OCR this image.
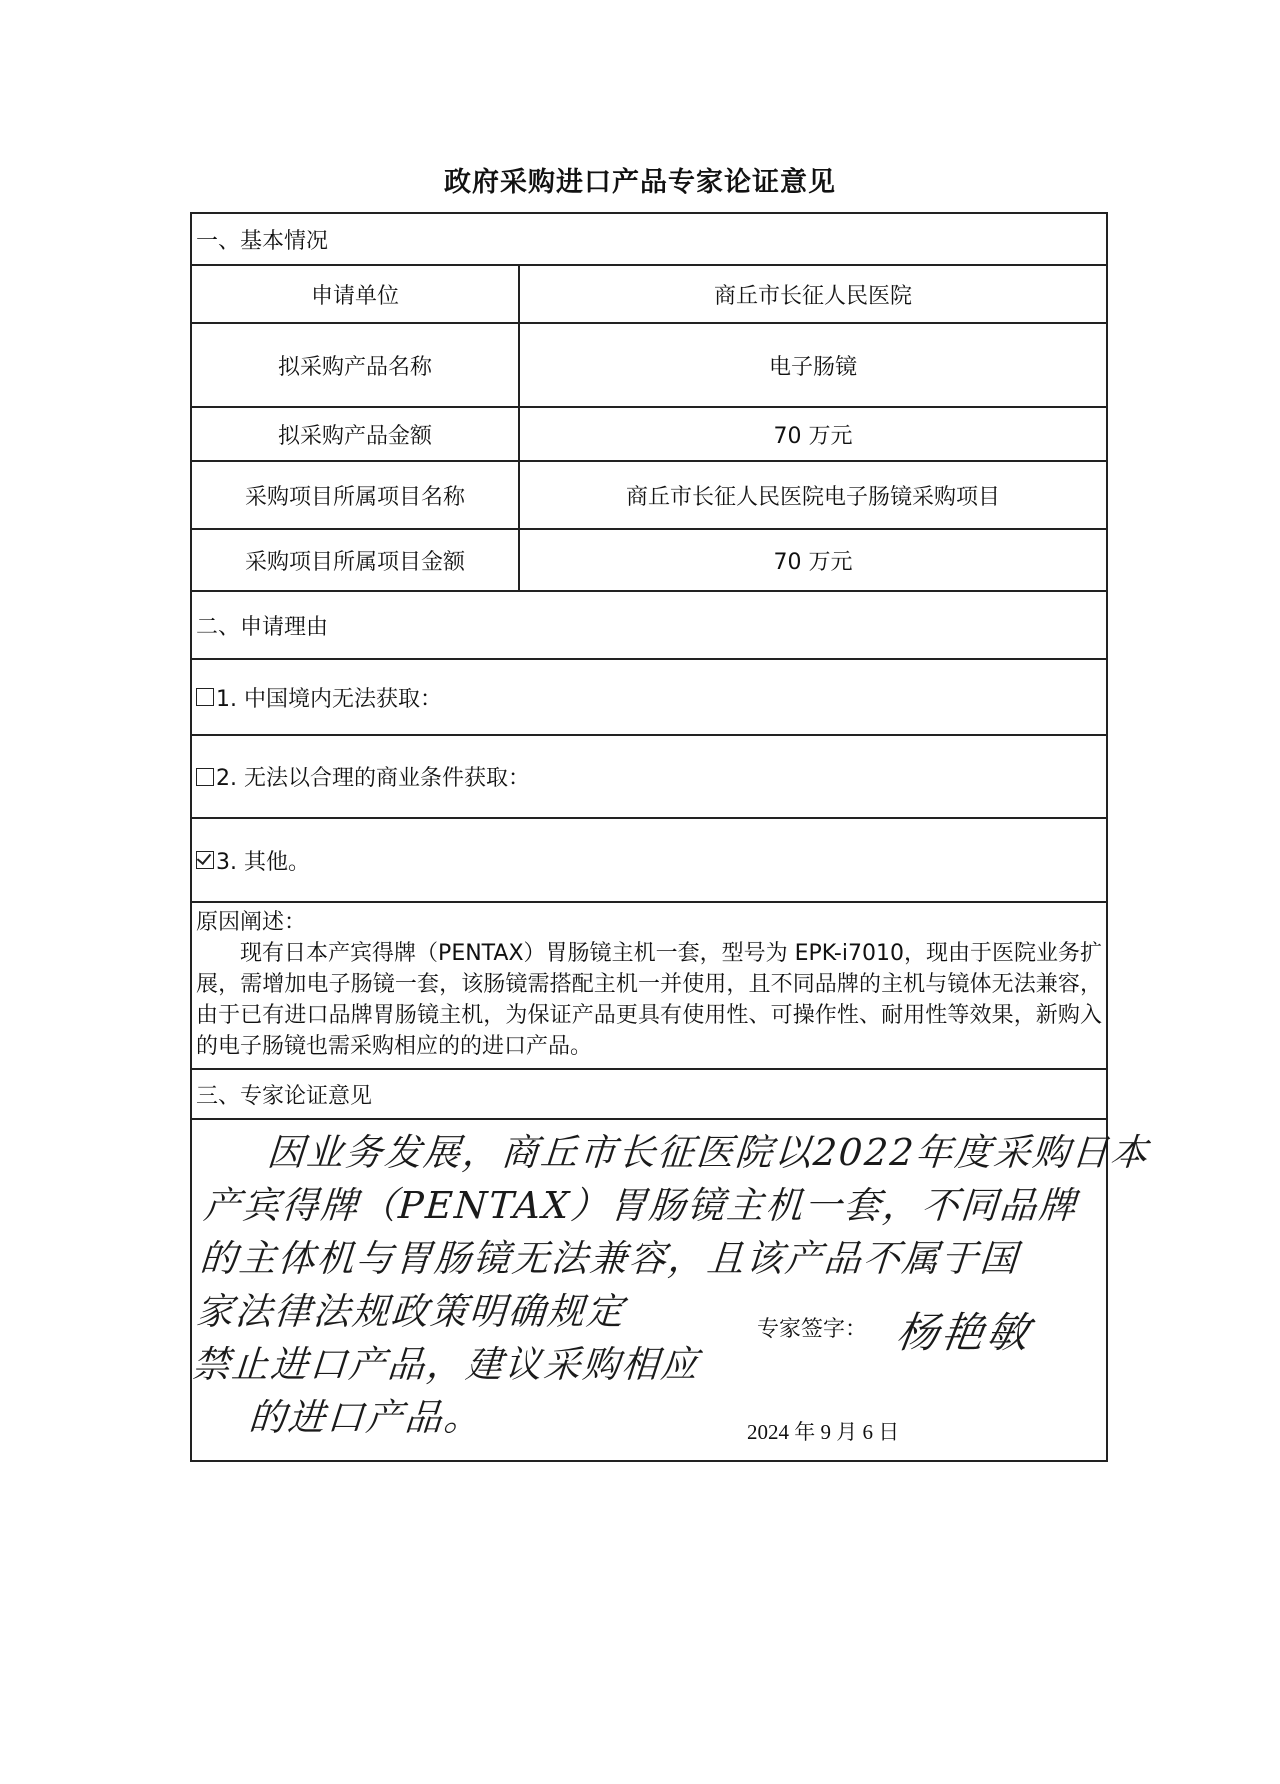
政府采购进口产品专家论证意见
一、基本情况
申请单位	商丘市长征人民医院
拟采购产品名称	电子肠镜
拟采购产品金额	70 万元
采购项目所属项目名称	商丘市长征人民医院电子肠镜采购项目
采购项目所属项目金额	70 万元
二、申请理由
1. 中国境内无法获取：
2. 无法以合理的商业条件获取：
3. 其他。
原因阐述：
现有日本产宾得牌（PENTAX）胃肠镜主机一套，型号为 EPK-i7010，现由于医院业务扩展，需增加电子肠镜一套，该肠镜需搭配主机一并使用，且不同品牌的主机与镜体无法兼容，由于已有进口品牌胃肠镜主机，为保证产品更具有使用性、可操作性、耐用性等效果，新购入的电子肠镜也需采购相应的的进口产品。
三、专家论证意见
因业务发展，商丘市长征医院以2022年度采购日本
产宾得牌（PENTAX）胃肠镜主机一套，不同品牌
的主体机与胃肠镜无法兼容，且该产品不属于国
家法律法规政策明确规定
禁止进口产品，建议采购相应
的进口产品。
专家签字： 杨艳敏
2024 年 9 月 6 日
